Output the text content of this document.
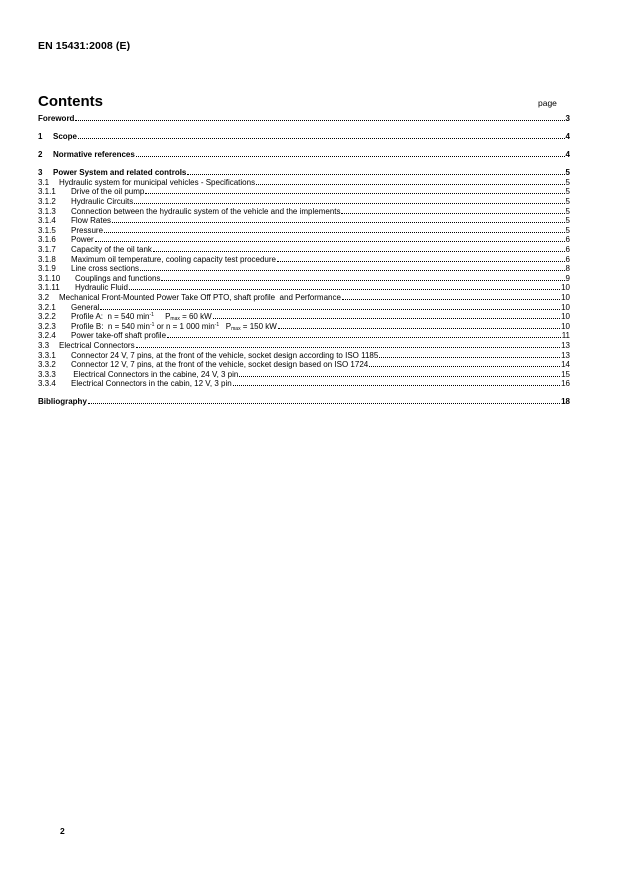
EN 15431:2008 (E)
Contents	page
Foreword	3
1	Scope	4
2	Normative references	4
3	Power System and related controls	5
3.1	Hydraulic system for municipal vehicles - Specifications	5
3.1.1	Drive of the oil pump	5
3.1.2	Hydraulic Circuits	5
3.1.3	Connection between the hydraulic system of the vehicle and the implements	5
3.1.4	Flow Rates	5
3.1.5	Pressure	5
3.1.6	Power	6
3.1.7	Capacity of the oil tank	6
3.1.8	Maximum oil temperature, cooling capacity test procedure	6
3.1.9	Line cross sections	8
3.1.10	Couplings and functions	9
3.1.11	Hydraulic Fluid	10
3.2	Mechanical Front-Mounted Power Take Off PTO, shaft profile  and Performance	10
3.2.1	General	10
3.2.2	Profile A:  n = 540 $\min^{-1}$     $P_{max} = 60$ kW	10
3.2.3	Profile B:  n = 540 $\min^{-1}$ or n = 1 000 $\min^{-1} P_{max} = 150$ kW	10
3.2.4	Power take-off shaft profile	11
3.3	Electrical Connectors	13
3.3.1	Connector 24 V, 7 pins, at the front of the vehicle, socket design according to ISO 1185	13
3.3.2	Connector 12 V, 7 pins, at the front of the vehicle, socket design based on ISO 1724	14
3.3.3	Electrical Connectors in the cabine, 24 V, 3 pin	15
3.3.4	Electrical Connectors in the cabin, 12 V, 3 pin	16
Bibliography	18
2
